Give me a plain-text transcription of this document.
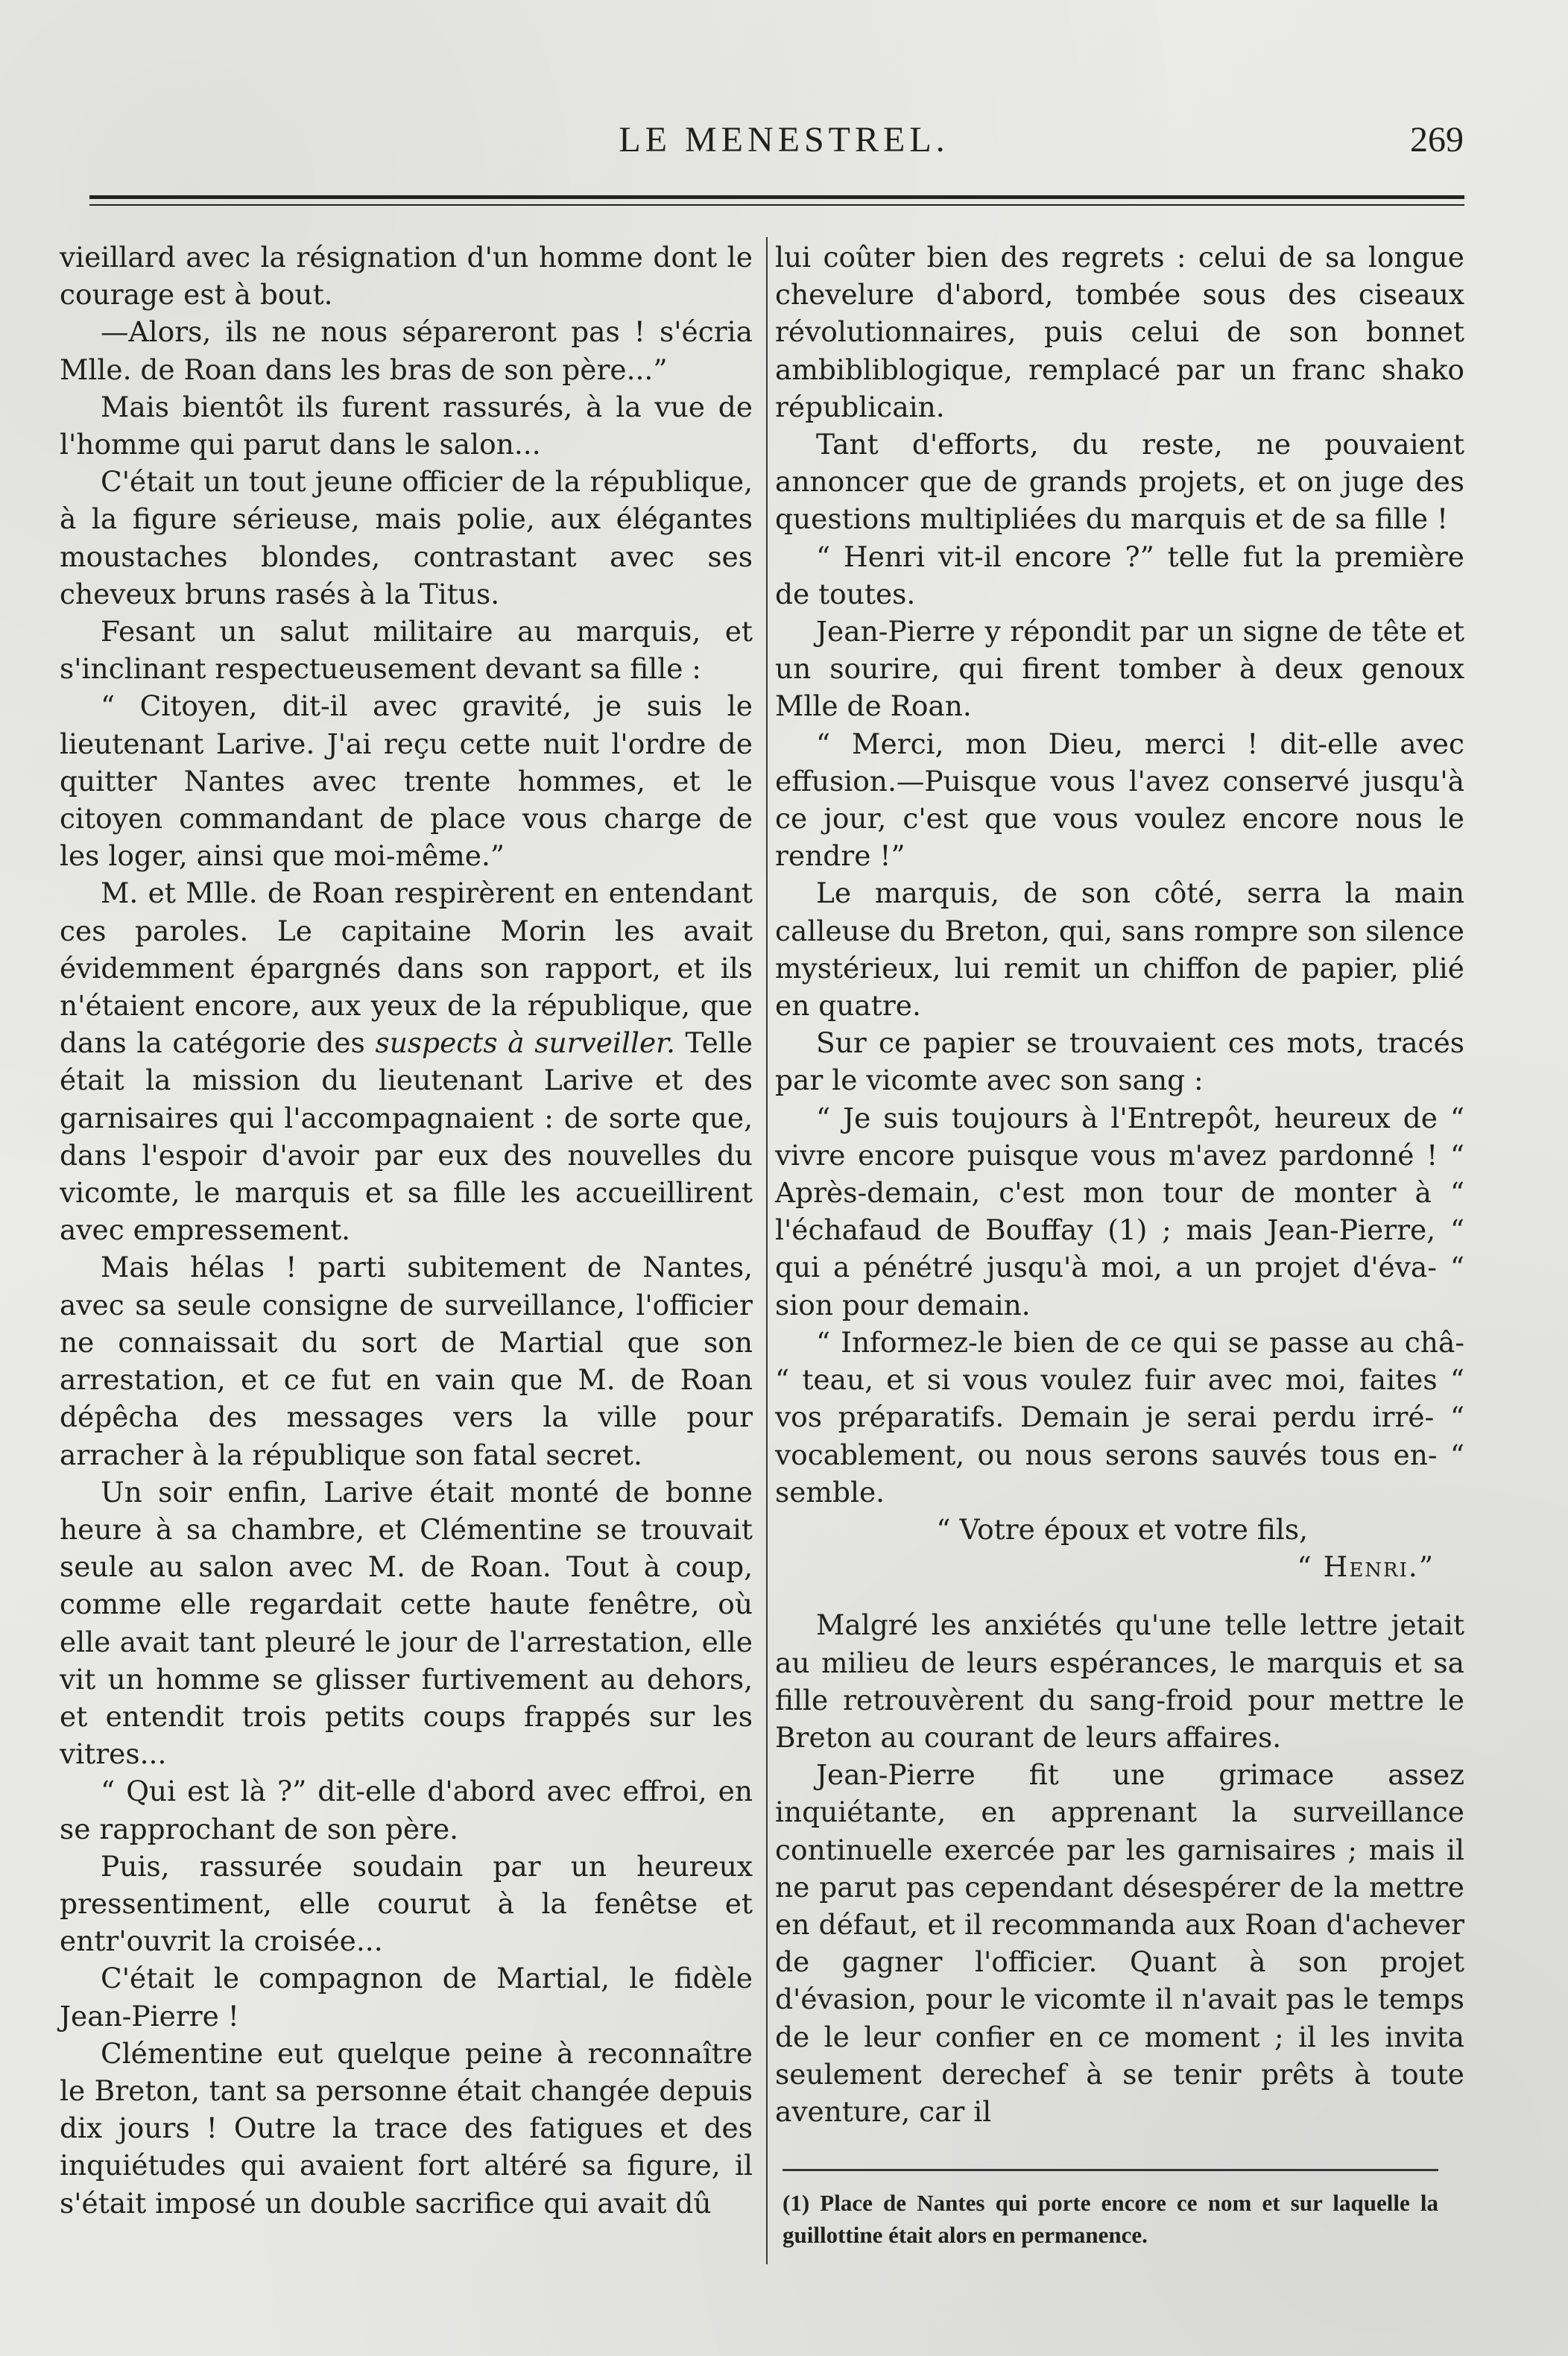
LE MENESTREL.	269

vieillard avec la résignation d'un homme dont le courage est à bout.

—Alors, ils ne nous sépareront pas ! s'écria Mlle. de Roan dans les bras de son père...”

Mais bientôt ils furent rassurés, à la vue de l'homme qui parut dans le salon...

C'était un tout jeune officier de la république, à la figure sérieuse, mais polie, aux élégantes moustaches blondes, contrastant avec ses cheveux bruns rasés à la Titus.

Fesant un salut militaire au marquis, et s'inclinant respectueusement devant sa fille :

“ Citoyen, dit-il avec gravité, je suis le lieutenant Larive. J'ai reçu cette nuit l'ordre de quitter Nantes avec trente hommes, et le citoyen commandant de place vous charge de les loger, ainsi que moi-même.”

M. et Mlle. de Roan respirèrent en entendant ces paroles. Le capitaine Morin les avait évidemment épargnés dans son rapport, et ils n'étaient encore, aux yeux de la république, que dans la catégorie des suspects à surveiller. Telle était la mission du lieutenant Larive et des garnisaires qui l'accompagnaient : de sorte que, dans l'espoir d'avoir par eux des nouvelles du vicomte, le marquis et sa fille les accueillirent avec empressement.

Mais hélas ! parti subitement de Nantes, avec sa seule consigne de surveillance, l'officier ne connaissait du sort de Martial que son arrestation, et ce fut en vain que M. de Roan dépêcha des messages vers la ville pour arracher à la république son fatal secret.

Un soir enfin, Larive était monté de bonne heure à sa chambre, et Clémentine se trouvait seule au salon avec M. de Roan. Tout à coup, comme elle regardait cette haute fenêtre, où elle avait tant pleuré le jour de l'arrestation, elle vit un homme se glisser furtivement au dehors, et entendit trois petits coups frappés sur les vitres...

“ Qui est là ?” dit-elle d'abord avec effroi, en se rapprochant de son père.

Puis, rassurée soudain par un heureux pressentiment, elle courut à la fenêtse et entr'ouvrit la croisée...

C'était le compagnon de Martial, le fidèle Jean-Pierre !

Clémentine eut quelque peine à reconnaître le Breton, tant sa personne était changée depuis dix jours ! Outre la trace des fatigues et des inquiétudes qui avaient fort altéré sa figure, il s'était imposé un double sacrifice qui avait dû

lui coûter bien des regrets : celui de sa longue chevelure d'abord, tombée sous des ciseaux révolutionnaires, puis celui de son bonnet ambibliblogique, remplacé par un franc shako républicain.

Tant d'efforts, du reste, ne pouvaient annoncer que de grands projets, et on juge des questions multipliées du marquis et de sa fille !

“ Henri vit-il encore ?” telle fut la première de toutes.

Jean-Pierre y répondit par un signe de tête et un sourire, qui firent tomber à deux genoux Mlle de Roan.

“ Merci, mon Dieu, merci ! dit-elle avec effusion.—Puisque vous l'avez conservé jusqu'à ce jour, c'est que vous voulez encore nous le rendre !”

Le marquis, de son côté, serra la main calleuse du Breton, qui, sans rompre son silence mystérieux, lui remit un chiffon de papier, plié en quatre.

Sur ce papier se trouvaient ces mots, tracés par le vicomte avec son sang :

“ Je suis toujours à l'Entrepôt, heureux de “ vivre encore puisque vous m'avez pardonné ! “ Après-demain, c'est mon tour de monter à “ l'échafaud de Bouffay (1) ; mais Jean-Pierre, “ qui a pénétré jusqu'à moi, a un projet d'éva- “ sion pour demain.

“ Informez-le bien de ce qui se passe au châ- “ teau, et si vous voulez fuir avec moi, faites “ vos préparatifs. Demain je serai perdu irré- “ vocablement, ou nous serons sauvés tous en- “ semble.

“ Votre époux et votre fils,

“ Henri.”

Malgré les anxiétés qu'une telle lettre jetait au milieu de leurs espérances, le marquis et sa fille retrouvèrent du sang-froid pour mettre le Breton au courant de leurs affaires.

Jean-Pierre fit une grimace assez inquiétante, en apprenant la surveillance continuelle exercée par les garnisaires ; mais il ne parut pas cependant désespérer de la mettre en défaut, et il recommanda aux Roan d'achever de gagner l'officier. Quant à son projet d'évasion, pour le vicomte il n'avait pas le temps de le leur confier en ce moment ; il les invita seulement derechef à se tenir prêts à toute aventure, car il

(1) Place de Nantes qui porte encore ce nom et sur laquelle la guillottine était alors en permanence.
